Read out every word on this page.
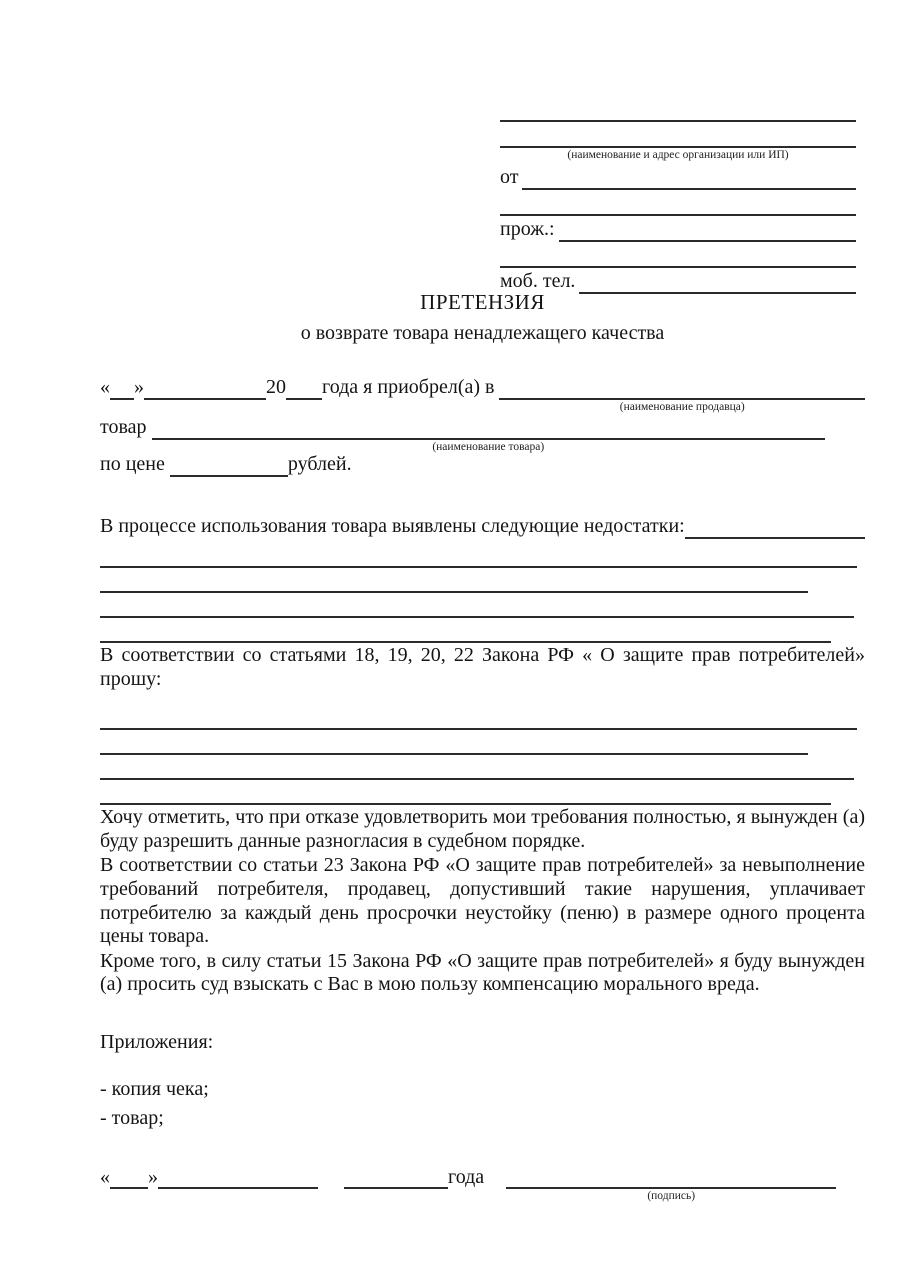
(наименование и адрес организации или ИП)
от
прож.:
моб. тел.
ПРЕТЕНЗИЯ
о возврате товара ненадлежащего качества
« »	20 года я приобрел(а) в
(наименование продавца)
товар
(наименование товара)
по цене	рублей.
В процессе использования товара выявлены следующие недостатки:
В соответствии со статьями 18, 19, 20, 22 Закона РФ « О защите прав потребителей» прошу:
Хочу отметить, что при отказе удовлетворить мои требования полностью, я вынужден (а) буду разрешить данные разногласия в судебном порядке.
В соответствии со статьи 23 Закона РФ «О защите прав потребителей» за невыполнение требований потребителя, продавец, допустивший такие нарушения, уплачивает потребителю за каждый день просрочки неустойку (пеню) в размере одного процента цены товара.
Кроме того, в силу статьи 15 Закона РФ «О защите прав потребителей» я буду вынужден (а) просить суд взыскать с Вас в мою пользу компенсацию морального вреда.
Приложения:
- копия чека;
- товар;
« »	года
(подпись)
